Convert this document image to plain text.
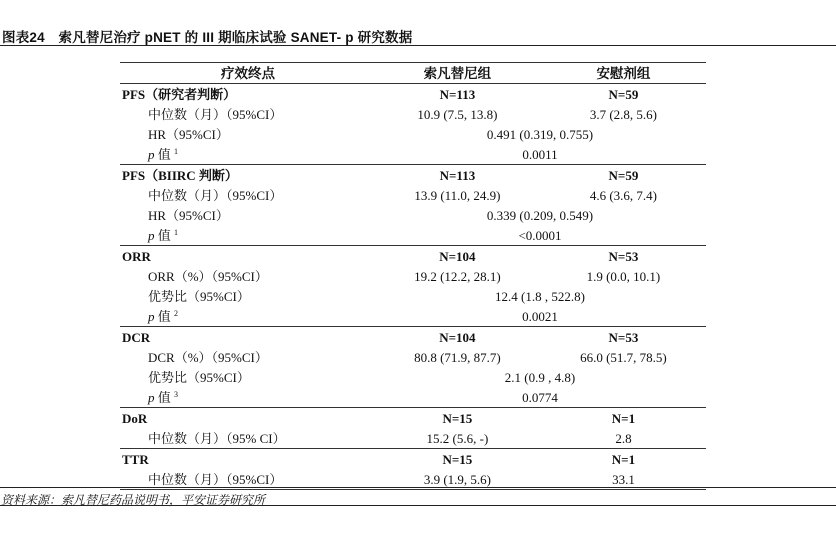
图表24　索凡替尼治疗 pNET 的 III 期临床试验 SANET- p 研究数据
疗效终点	索凡替尼组	安慰剂组
PFS（研究者判断）	N=113	N=59
中位数（月）（95%CI）	10.9 (7.5, 13.8)	3.7 (2.8, 5.6)
HR（95%CI）	0.491 (0.319, 0.755)	
p 值 $^1$	0.0011	
PFS（BIIRC 判断）	N=113	N=59
中位数（月）（95%CI）	13.9 (11.0, 24.9)	4.6 (3.6, 7.4)
HR（95%CI）	0.339 (0.209, 0.549)	
p 值 $^1$	<0.0001	
ORR	N=104	N=53
ORR（%）（95%CI）	19.2 (12.2, 28.1)	1.9 (0.0, 10.1)
优势比（95%CI）	12.4 (1.8 , 522.8)	
p 值 $^2$	0.0021	
DCR	N=104	N=53
DCR（%）（95%CI）	80.8 (71.9, 87.7)	66.0 (51.7, 78.5)
优势比（95%CI）	2.1 (0.9 , 4.8)	
p 值 $^3$	0.0774	
DoR	N=15	N=1
中位数（月）（95% CI）	15.2 (5.6, -)	2.8
TTR	N=15	N=1
中位数（月）（95%CI）	3.9 (1.9, 5.6)	33.1
资料来源：索凡替尼药品说明书，平安证券研究所
